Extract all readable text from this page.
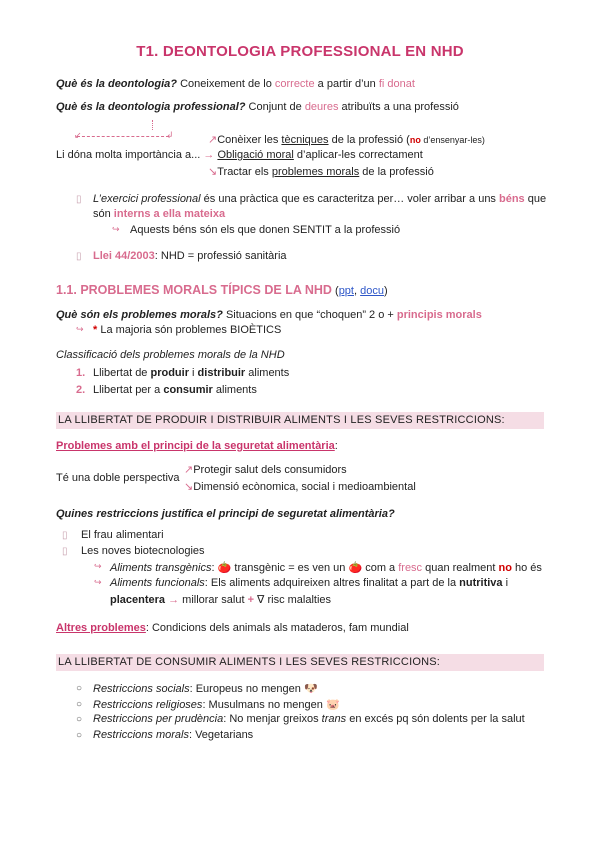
T1. DEONTOLOGIA PROFESSIONAL EN NHD
Què és la deontologia? Coneixement de lo correcte a partir d’un fi donat
Què és la deontologia professional? Conjunt de deures atribuïts a una professió
↙	↲	↗Conèixer les tècniques de la professió (no d’ensenyar-les)
Li dóna molta importància a... → Obligació moral d’aplicar-les correctament
↘Tractar els problemes morals de la professió
▯ L’exercici professional és una pràctica que es caracteritza per… voler arribar a uns béns que
són interns a ella mateixa
↪ Aquests béns són els que donen SENTIT a la professió
▯ Llei 44/2003: NHD = professió sanitària
1.1. PROBLEMES MORALS TÍPICS DE LA NHD (ppt, docu)
Què són els problemes morals? Situacions en que “choquen” 2 o + principis morals
↪ * La majoria són problemes BIOÈTICS
Classificació dels problemes morals de la NHD
1. Llibertat de produir i distribuir aliments
2. Llibertat per a consumir aliments
LA LLIBERTAT DE PRODUIR I DISTRIBUIR ALIMENTS I LES SEVES RESTRICCIONS:
Problemes amb el principi de la seguretat alimentària:
Té una doble perspectiva
↗Protegir salut dels consumidors
↘Dimensió ecònomica, social i medioambiental
Quines restriccions justifica el principi de seguretat alimentària?
▯ El frau alimentari
▯ Les noves biotecnologies
↪ Aliments transgènics: 🍅 transgènic = es ven un 🍅 com a fresc quan realment no ho és
↪ Aliments funcionals: Els aliments adquireixen altres finalitat a part de la nutritiva i
placentera → millorar salut + ∇ risc malalties
Altres problemes: Condicions dels animals als mataderos, fam mundial
LA LLIBERTAT DE CONSUMIR ALIMENTS I LES SEVES RESTRICCIONS:
○ Restriccions socials: Europeus no mengen 🐶
○ Restriccions religioses: Musulmans no mengen 🐷
○ Restriccions per prudència: No menjar greixos trans en excés pq són dolents per la salut
○ Restriccions morals: Vegetarians
